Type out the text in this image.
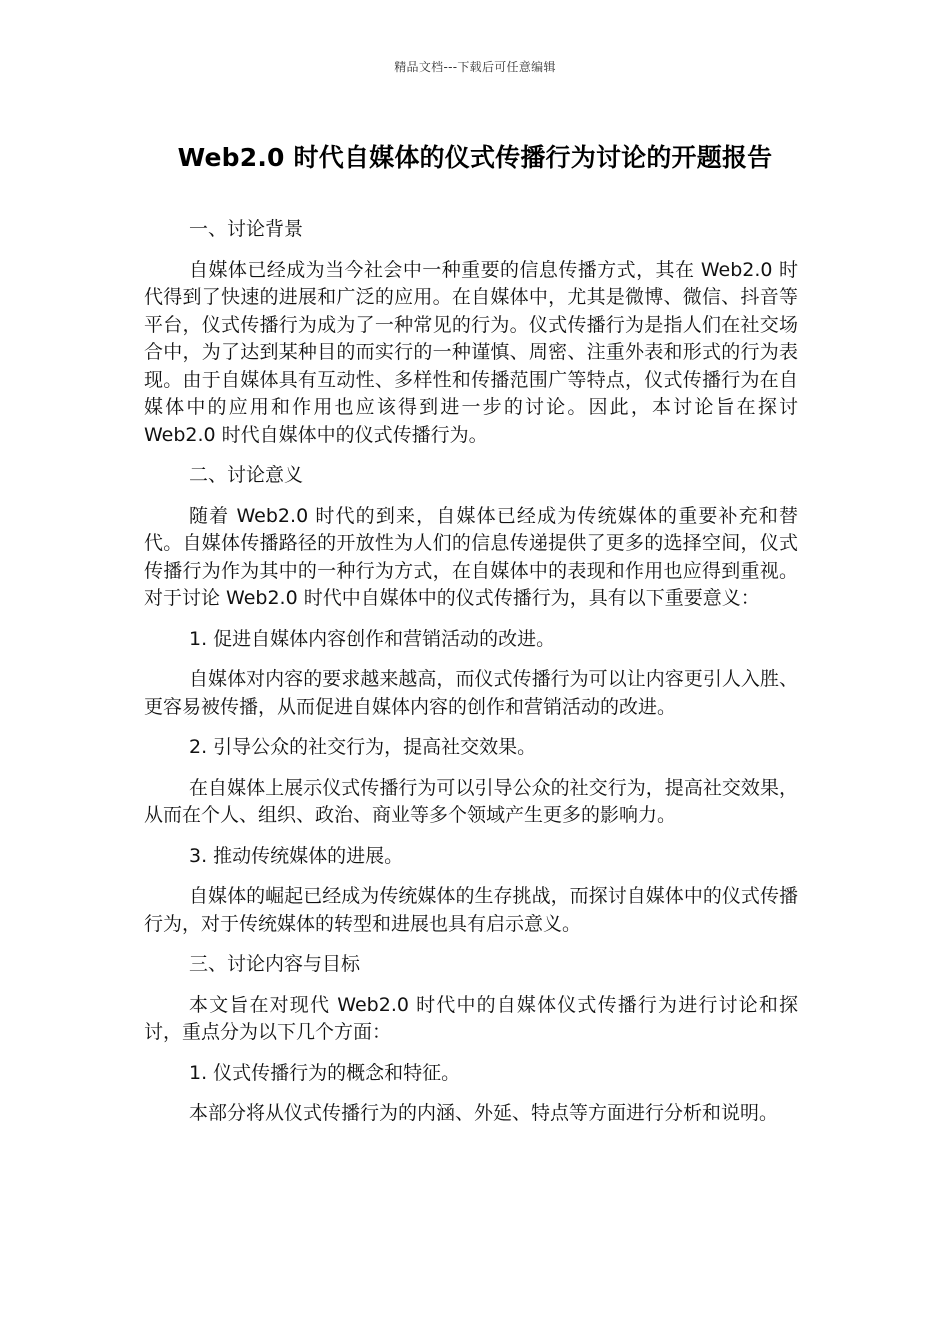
精品文档---下载后可任意编辑
Web2.0 时代自媒体的仪式传播行为讨论的开题报告

一、讨论背景

自媒体已经成为当今社会中一种重要的信息传播方式，其在 Web2.0 时代得到了快速的进展和广泛的应用。在自媒体中，尤其是微博、微信、抖音等平台，仪式传播行为成为了一种常见的行为。仪式传播行为是指人们在社交场合中，为了达到某种目的而实行的一种谨慎、周密、注重外表和形式的行为表现。由于自媒体具有互动性、多样性和传播范围广等特点，仪式传播行为在自媒体中的应用和作用也应该得到进一步的讨论。因此，本讨论旨在探讨 Web2.0 时代自媒体中的仪式传播行为。

二、讨论意义

随着 Web2.0 时代的到来，自媒体已经成为传统媒体的重要补充和替代。自媒体传播路径的开放性为人们的信息传递提供了更多的选择空间，仪式传播行为作为其中的一种行为方式，在自媒体中的表现和作用也应得到重视。对于讨论 Web2.0 时代中自媒体中的仪式传播行为，具有以下重要意义：

1. 促进自媒体内容创作和营销活动的改进。

自媒体对内容的要求越来越高，而仪式传播行为可以让内容更引人入胜、更容易被传播，从而促进自媒体内容的创作和营销活动的改进。

2. 引导公众的社交行为，提高社交效果。

在自媒体上展示仪式传播行为可以引导公众的社交行为，提高社交效果，从而在个人、组织、政治、商业等多个领域产生更多的影响力。

3. 推动传统媒体的进展。

自媒体的崛起已经成为传统媒体的生存挑战，而探讨自媒体中的仪式传播行为，对于传统媒体的转型和进展也具有启示意义。

三、讨论内容与目标

本文旨在对现代 Web2.0 时代中的自媒体仪式传播行为进行讨论和探讨，重点分为以下几个方面：

1. 仪式传播行为的概念和特征。

本部分将从仪式传播行为的内涵、外延、特点等方面进行分析和说明。
